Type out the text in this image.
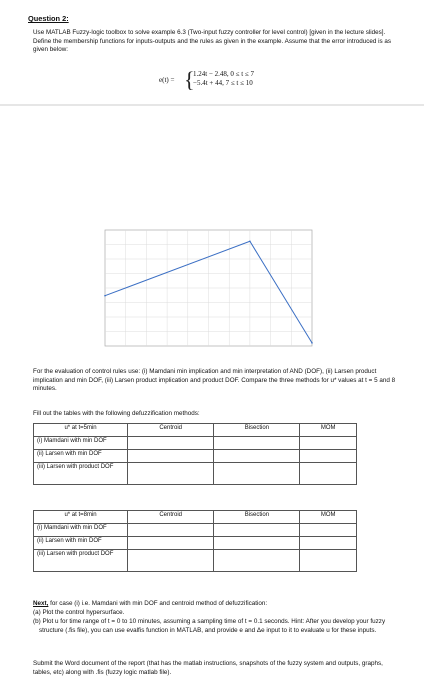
Question 2:
Use MATLAB Fuzzy-logic toolbox to solve example 6.3 (Two-input fuzzy controller for level control) [given in the lecture slides]. Define the membership functions for inputs-outputs and the rules as given in the example. Assume that the error introduced is as given below:
e(t) = {
1.24t − 2.48, 0 ≤ t ≤ 7
−5.4t + 44, 7 ≤ t ≤ 10
For the evaluation of control rules use: (i) Mamdani min implication and min interpretation of AND (DOF), (ii) Larsen product implication and min DOF, (iii) Larsen product implication and product DOF. Compare the three methods for u* values at t = 5 and 8 minutes.
Fill out the tables with the following defuzzification methods:
u* at t=5min	Centroid	Bisection	MOM
(i) Mamdani with min DOF			
(ii) Larsen with min DOF			
(iii) Larsen with product DOF			
u* at t=8min	Centroid	Bisection	MOM
(i) Mamdani with min DOF			
(ii) Larsen with min DOF			
(iii) Larsen with product DOF			
Next, for case (i) i.e. Mamdani with min DOF and centroid method of defuzzification:
(a) Plot the control hypersurface.
(b) Plot u for time range of t = 0 to 10 minutes, assuming a sampling time of t = 0.1 seconds. Hint: After you develop your fuzzy structure (.fis file), you can use evalfis function in MATLAB, and provide e and Δe input to it to evaluate u for these inputs.
Submit the Word document of the report (that has the matlab instructions, snapshots of the fuzzy system and outputs, graphs, tables, etc) along with .fis (fuzzy logic matlab file).
